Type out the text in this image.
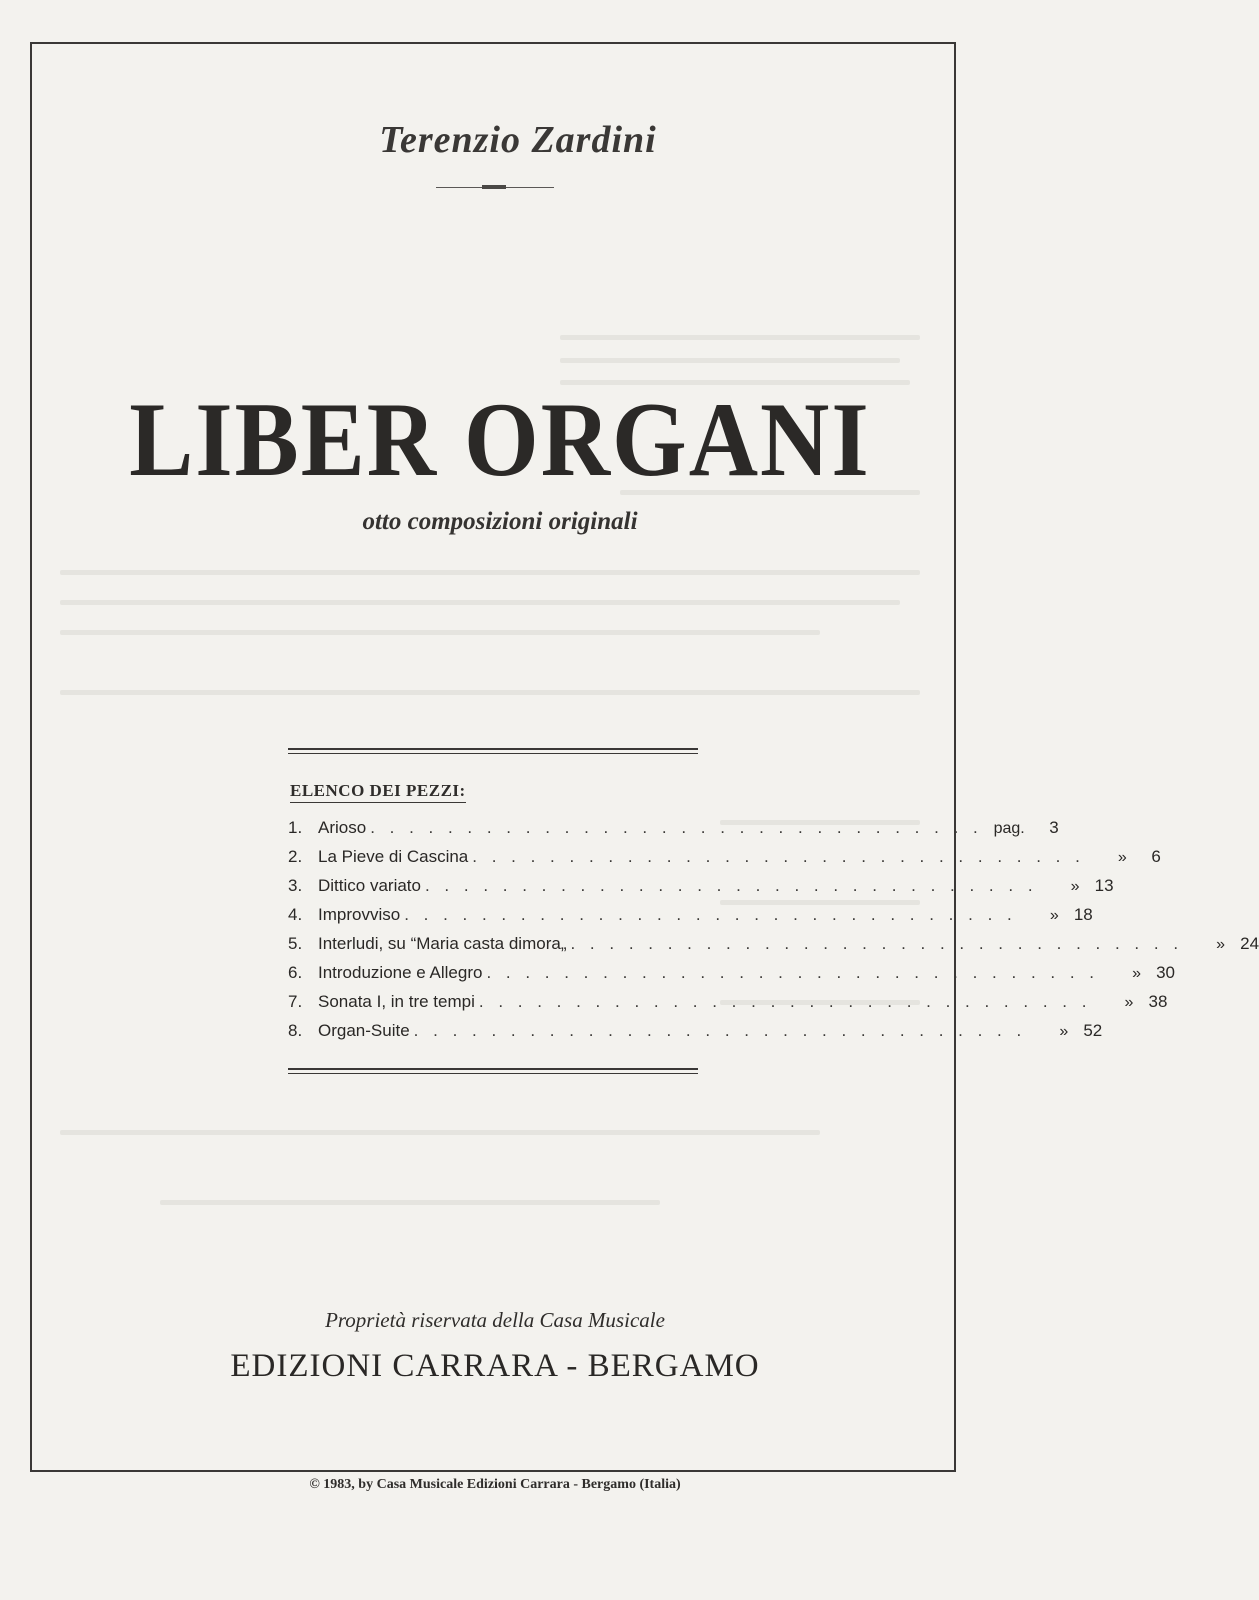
Terenzio Zardini
LIBER ORGANI
otto composizioni originali
ELENCO DEI PEZZI:
1. Arioso . . . . . . . . . . . . . . . . . . . . . . . . . . . . . . . . pag.	3
2. La Pieve di Cascina . . . . . . . . . . . . . . . . . . . . . . . . . . . . . . . .	»	6
3. Dittico variato . . . . . . . . . . . . . . . . . . . . . . . . . . . . . . . .	» 13
4. Improvviso . . . . . . . . . . . . . . . . . . . . . . . . . . . . . . . .	» 18
5. Interludi, su “Maria casta dimora„ . . . . . . . . . . . . . . . . . . . . . . . . . . . . . . . .	» 24
6. Introduzione e Allegro . . . . . . . . . . . . . . . . . . . . . . . . . . . . . . . .	» 30
7. Sonata I, in tre tempi . . . . . . . . . . . . . . . . . . . . . . . . . . . . . . . .	» 38
8. Organ-Suite . . . . . . . . . . . . . . . . . . . . . . . . . . . . . . . .	» 52
Proprietà riservata della Casa Musicale
EDIZIONI CARRARA - BERGAMO
© 1983, by Casa Musicale Edizioni Carrara - Bergamo (Italia)
